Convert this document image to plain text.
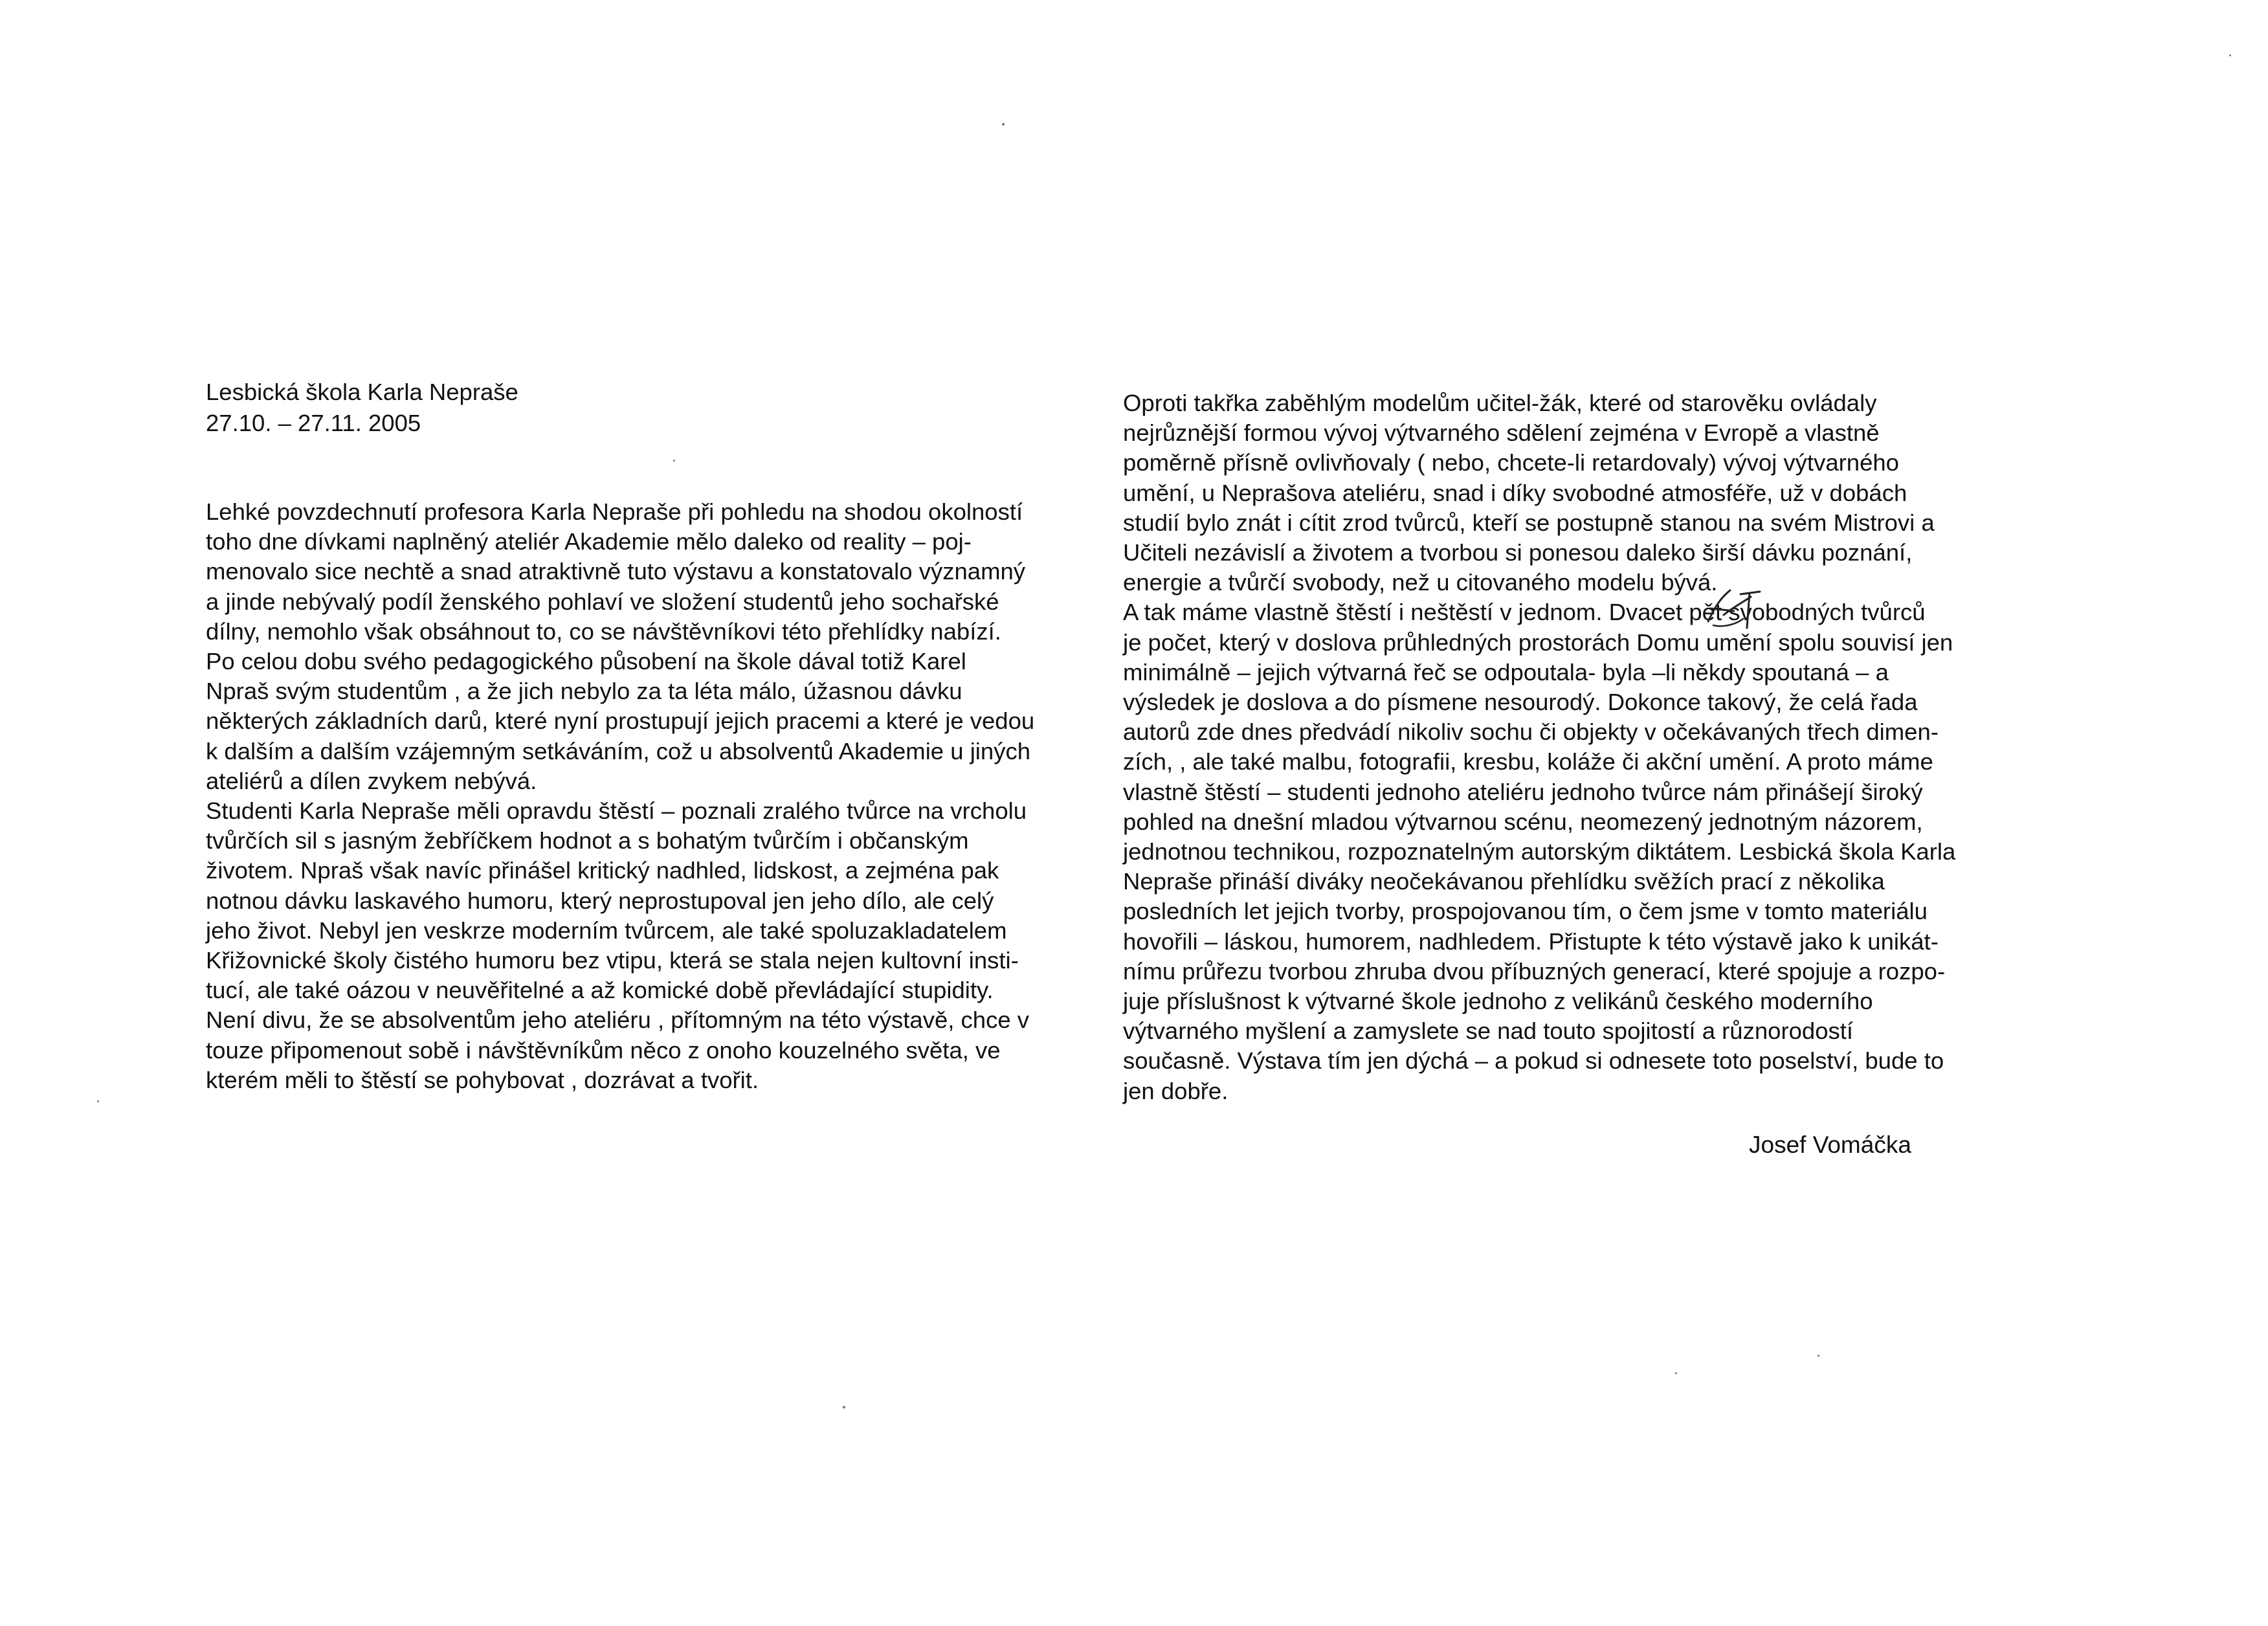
Lesbická škola Karla Nepraše
27.10. – 27.11. 2005
Lehké povzdechnutí profesora Karla Nepraše při pohledu na shodou okolností
toho dne dívkami naplněný ateliér Akademie mělo daleko od reality – poj-
menovalo sice nechtě a snad atraktivně tuto výstavu a konstatovalo významný
a jinde nebývalý podíl ženského pohlaví ve složení studentů jeho sochařské
dílny, nemohlo však obsáhnout to, co se návštěvníkovi této přehlídky nabízí.
Po celou dobu svého pedagogického působení na škole dával totiž Karel
Npraš svým studentům , a že jich nebylo za ta léta málo, úžasnou dávku
některých základních darů, které nyní prostupují jejich pracemi a které je vedou
k dalším a dalším vzájemným setkáváním, což u absolventů Akademie u jiných
ateliérů a dílen zvykem nebývá.
Studenti Karla Nepraše měli opravdu štěstí – poznali zralého tvůrce na vrcholu
tvůrčích sil s jasným žebříčkem hodnot a s bohatým tvůrčím i občanským
životem. Npraš však navíc přinášel kritický nadhled, lidskost, a zejména pak
notnou dávku laskavého humoru, který neprostupoval jen jeho dílo, ale celý
jeho život. Nebyl jen veskrze moderním tvůrcem, ale také spoluzakladatelem
Křižovnické školy čistého humoru bez vtipu, která se stala nejen kultovní insti-
tucí, ale také oázou v neuvěřitelné a až komické době převládající stupidity.
Není divu, že se absolventům jeho ateliéru , přítomným na této výstavě, chce v
touze připomenout sobě i návštěvníkům něco z onoho kouzelného světa, ve
kterém měli to štěstí se pohybovat , dozrávat a tvořit.
Oproti takřka zaběhlým modelům učitel-žák, které od starověku ovládaly
nejrůznější formou vývoj výtvarného sdělení zejména v Evropě a vlastně
poměrně přísně ovlivňovaly ( nebo, chcete-li retardovaly) vývoj výtvarného
umění, u Neprašova ateliéru, snad i díky svobodné atmosféře, už v dobách
studií bylo znát i cítit zrod tvůrců, kteří se postupně stanou na svém Mistrovi a
Učiteli nezávislí a životem a tvorbou si ponesou daleko širší dávku poznání,
energie a tvůrčí svobody, než u citovaného modelu bývá.
A tak máme vlastně štěstí i neštěstí v jednom. Dvacet pět svobodných tvůrců
je počet, který v doslova průhledných prostorách Domu umění spolu souvisí jen
minimálně – jejich výtvarná řeč se odpoutala- byla –li někdy spoutaná – a
výsledek je doslova a do písmene nesourodý. Dokonce takový, že celá řada
autorů zde dnes předvádí nikoliv sochu či objekty v očekávaných třech dimen-
zích, , ale také malbu, fotografii, kresbu, koláže či akční umění. A proto máme
vlastně štěstí – studenti jednoho ateliéru jednoho tvůrce nám přinášejí široký
pohled na dnešní mladou výtvarnou scénu, neomezený jednotným názorem,
jednotnou technikou, rozpoznatelným autorským diktátem. Lesbická škola Karla
Nepraše přináší diváky neočekávanou přehlídku svěžích prací z několika
posledních let jejich tvorby, prospojovanou tím, o čem jsme v tomto materiálu
hovořili – láskou, humorem, nadhledem. Přistupte k této výstavě jako k unikát-
nímu průřezu tvorbou zhruba dvou příbuzných generací, které spojuje a rozpo-
juje příslušnost k výtvarné škole jednoho z velikánů českého moderního
výtvarného myšlení a zamyslete se nad touto spojitostí a různorodostí
současně. Výstava tím jen dýchá – a pokud si odnesete toto poselství, bude to
jen dobře.
Josef Vomáčka
